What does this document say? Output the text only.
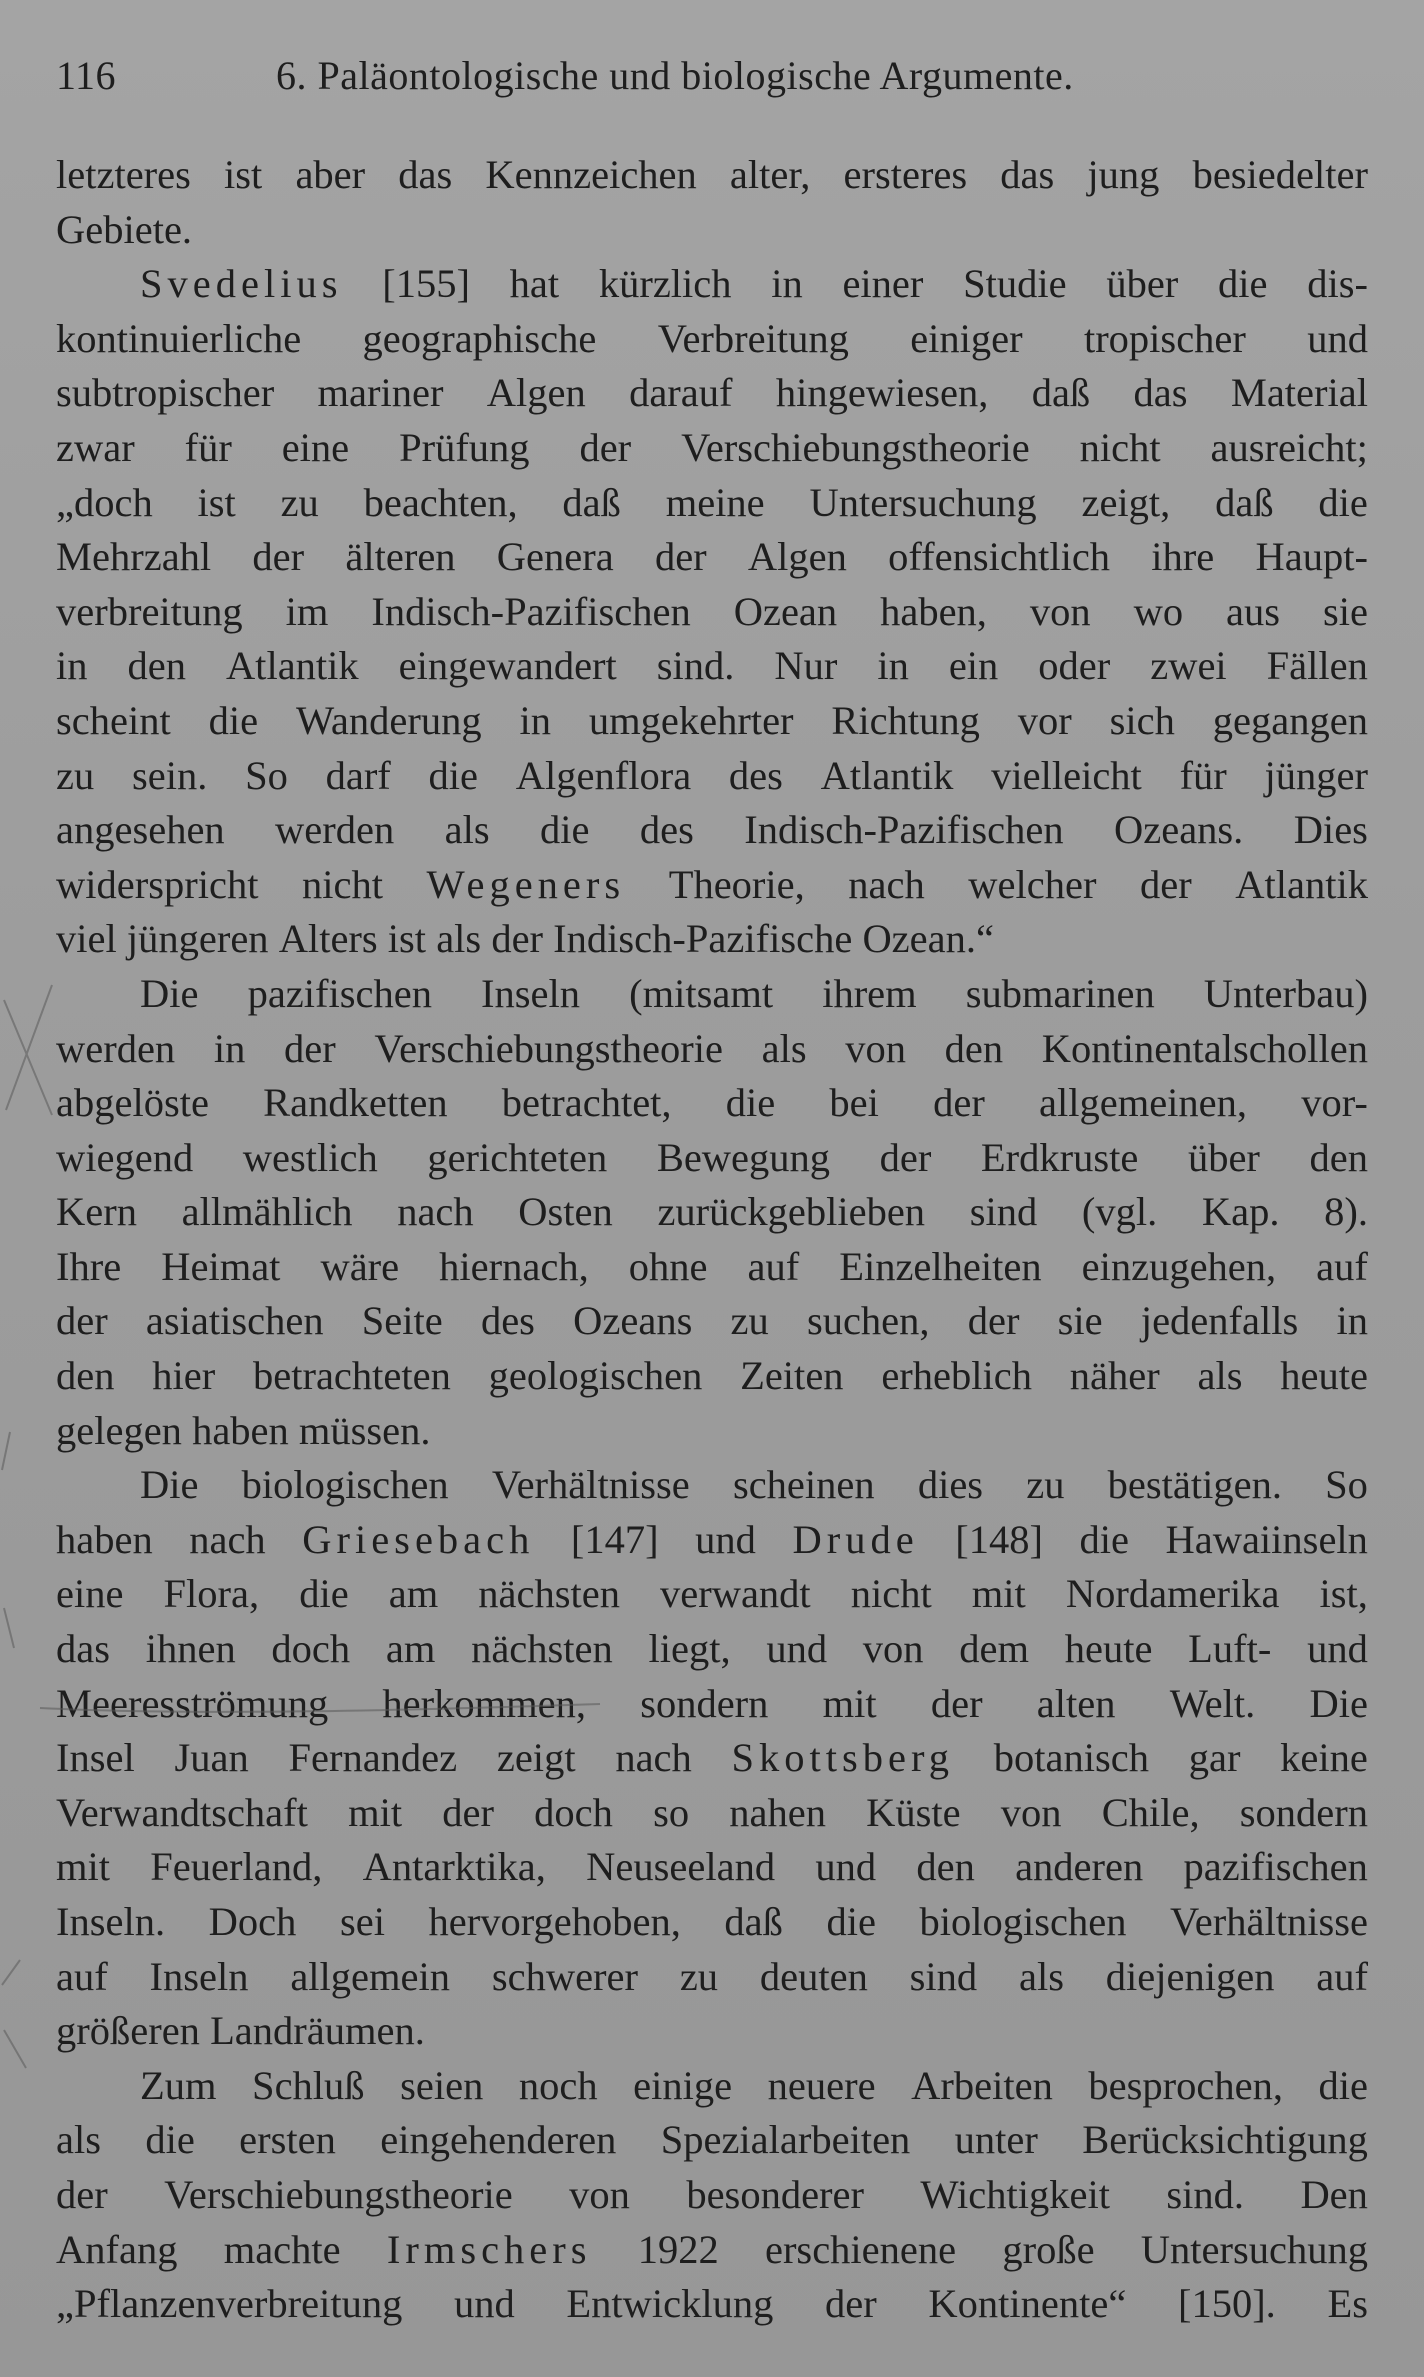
116	6. Paläontologische und biologische Argumente.
letzteres ist aber das Kennzeichen alter, ersteres das jung besiedelter
Gebiete.
Svedelius [155] hat kürzlich in einer Studie über die dis-
kontinuierliche geographische Verbreitung einiger tropischer und
subtropischer mariner Algen darauf hingewiesen, daß das Material
zwar für eine Prüfung der Verschiebungstheorie nicht ausreicht;
„doch ist zu beachten, daß meine Untersuchung zeigt, daß die
Mehrzahl der älteren Genera der Algen offensichtlich ihre Haupt-
verbreitung im Indisch-Pazifischen Ozean haben, von wo aus sie
in den Atlantik eingewandert sind. Nur in ein oder zwei Fällen
scheint die Wanderung in umgekehrter Richtung vor sich gegangen
zu sein. So darf die Algenflora des Atlantik vielleicht für jünger
angesehen werden als die des Indisch-Pazifischen Ozeans. Dies
widerspricht nicht Wegeners Theorie, nach welcher der Atlantik
viel
jüngeren
Alters
ist
als
der
Indisch-Pazifische
Ozean.“
Die pazifischen Inseln (mitsamt ihrem submarinen Unterbau)
werden in der Verschiebungstheorie als von den Kontinentalschollen
abgelöste Randketten betrachtet, die bei der allgemeinen, vor-
wiegend westlich gerichteten Bewegung der Erdkruste über den
Kern allmählich nach Osten zurückgeblieben sind (vgl. Kap. 8).
Ihre Heimat wäre hiernach, ohne auf Einzelheiten einzugehen, auf
der asiatischen Seite des Ozeans zu suchen, der sie jedenfalls in
den hier betrachteten geologischen Zeiten erheblich näher als heute
gelegen
haben
müssen.
Die biologischen Verhältnisse scheinen dies zu bestätigen. So
haben nach Griesebach [147] und Drude [148] die Hawaiinseln
eine Flora, die am nächsten verwandt nicht mit Nordamerika ist,
das ihnen doch am nächsten liegt, und von dem heute Luft- und
Meeresströmung herkommen, sondern mit der alten Welt. Die
Insel Juan Fernandez zeigt nach Skottsberg botanisch gar keine
Verwandtschaft mit der doch so nahen Küste von Chile, sondern
mit Feuerland, Antarktika, Neuseeland und den anderen pazifischen
Inseln. Doch sei hervorgehoben, daß die biologischen Verhältnisse
auf Inseln allgemein schwerer zu deuten sind als diejenigen auf
größeren
Landräumen.
Zum Schluß seien noch einige neuere Arbeiten besprochen, die
als die ersten eingehenderen Spezialarbeiten unter Berücksichtigung
der Verschiebungstheorie von besonderer Wichtigkeit sind. Den
Anfang machte Irmschers 1922 erschienene große Untersuchung
„Pflanzenverbreitung und Entwicklung der Kontinente“ [150]. Es
